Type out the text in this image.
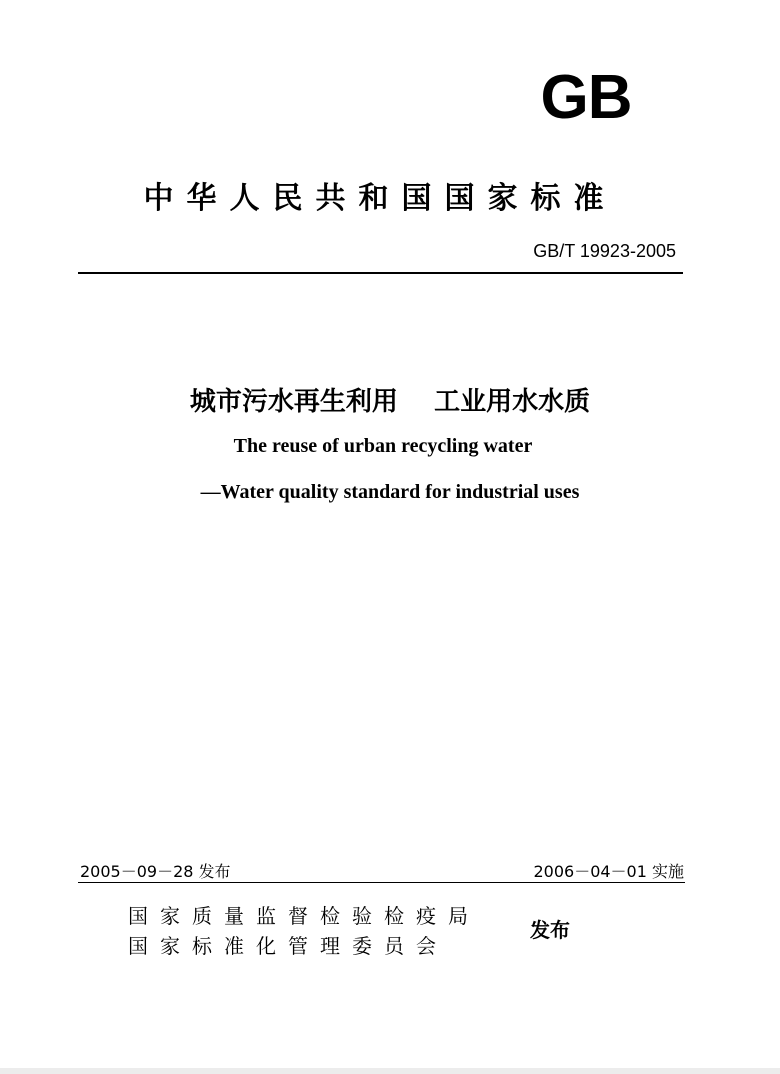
GB
中华人民共和国国家标准
GB/T 19923-2005
城市污水再生利用    工业用水水质
The reuse of urban recycling water
—Water quality standard for industrial uses
2005－09－28 发布	2006－04－01 实施
国家质量监督检验检疫局
国家标准化管理委员会
发布
